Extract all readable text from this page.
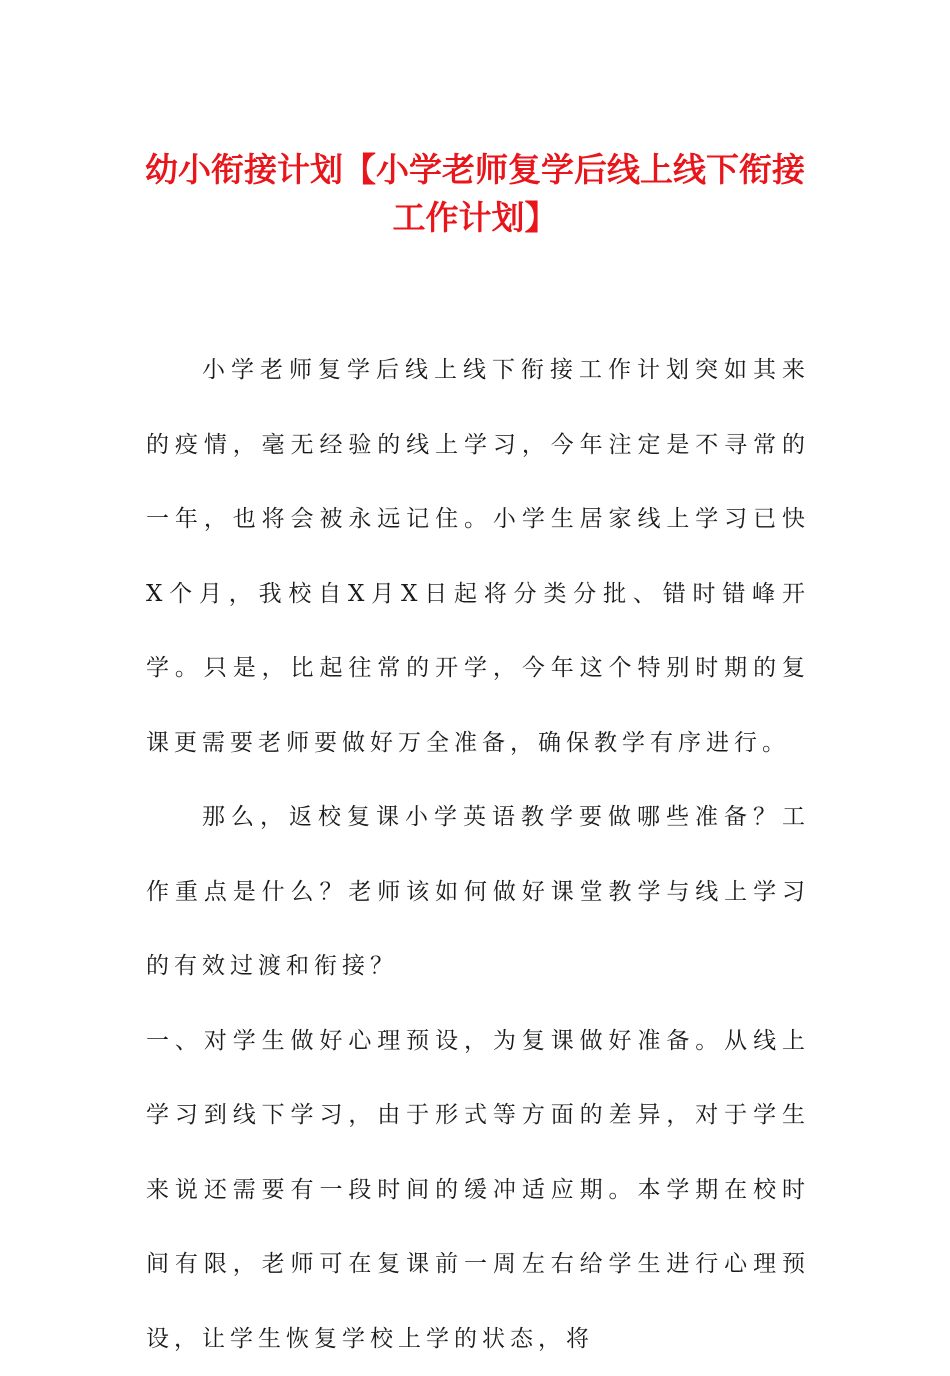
幼小衔接计划【小学老师复学后线上线下衔接工作计划】

小学老师复学后线上线下衔接工作计划突如其来的疫情，毫无经验的线上学习，今年注定是不寻常的一年，也将会被永远记住。小学生居家线上学习已快X个月，我校自X月X日起将分类分批、错时错峰开学。只是，比起往常的开学，今年这个特别时期的复课更需要老师要做好万全准备，确保教学有序进行。

那么，返校复课小学英语教学要做哪些准备？工作重点是什么？老师该如何做好课堂教学与线上学习的有效过渡和衔接？

一、对学生做好心理预设，为复课做好准备。从线上学习到线下学习，由于形式等方面的差异，对于学生来说还需要有一段时间的缓冲适应期。本学期在校时间有限，老师可在复课前一周左右给学生进行心理预设，让学生恢复学校上学的状态，将
